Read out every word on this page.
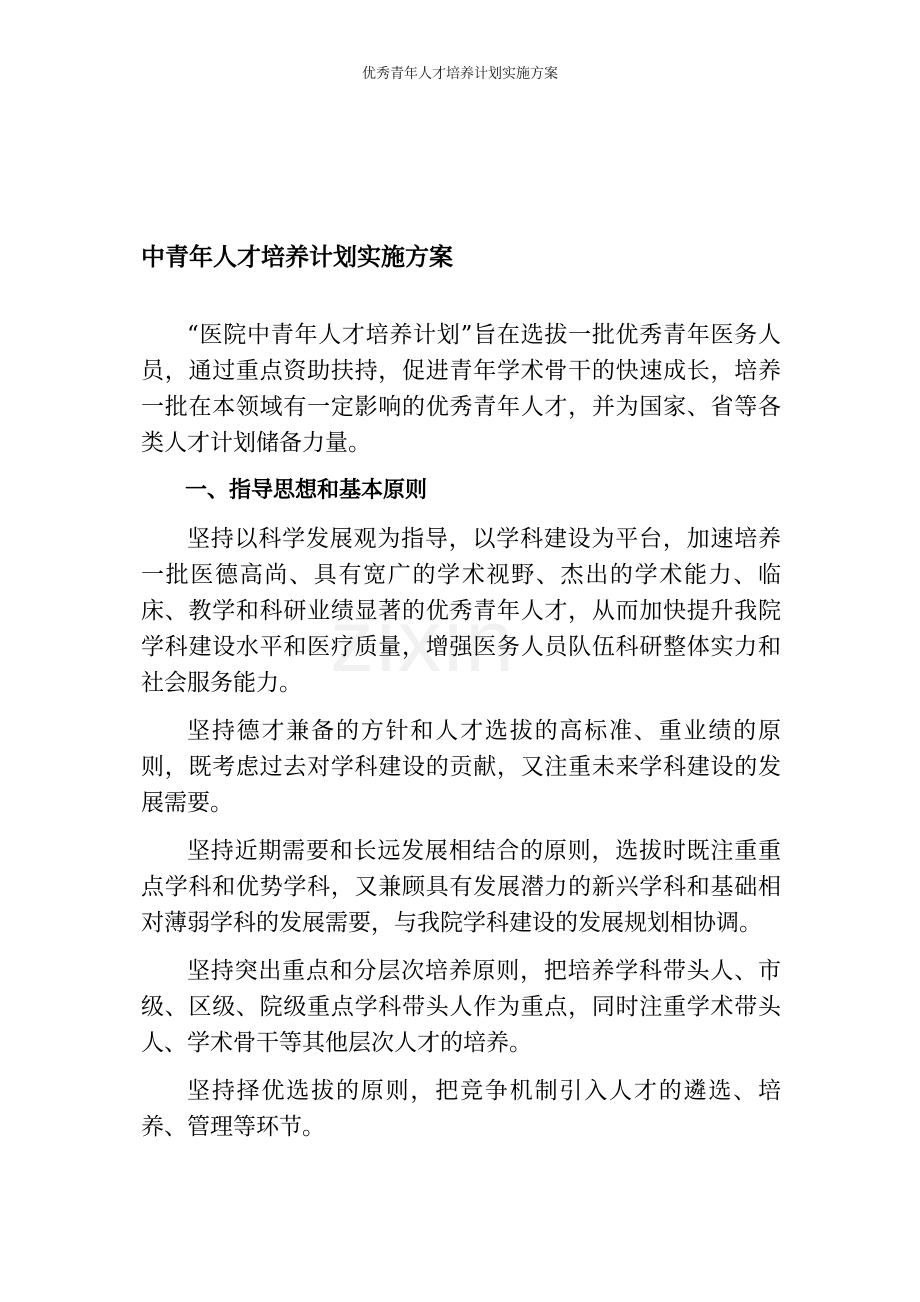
优秀青年人才培养计划实施方案
zixin
中青年人才培养计划实施方案

“医院中青年人才培养计划”旨在选拔一批优秀青年医务人员，通过重点资助扶持，促进青年学术骨干的快速成长，培养一批在本领域有一定影响的优秀青年人才，并为国家、省等各类人才计划储备力量。

一、指导思想和基本原则

坚持以科学发展观为指导，以学科建设为平台，加速培养一批医德高尚、具有宽广的学术视野、杰出的学术能力、临床、教学和科研业绩显著的优秀青年人才，从而加快提升我院学科建设水平和医疗质量，增强医务人员队伍科研整体实力和社会服务能力。

坚持德才兼备的方针和人才选拔的高标准、重业绩的原则，既考虑过去对学科建设的贡献，又注重未来学科建设的发展需要。

坚持近期需要和长远发展相结合的原则，选拔时既注重重点学科和优势学科，又兼顾具有发展潜力的新兴学科和基础相对薄弱学科的发展需要，与我院学科建设的发展规划相协调。

坚持突出重点和分层次培养原则，把培养学科带头人、市级、区级、院级重点学科带头人作为重点，同时注重学术带头人、学术骨干等其他层次人才的培养。

坚持择优选拔的原则，把竞争机制引入人才的遴选、培养、管理等环节。
